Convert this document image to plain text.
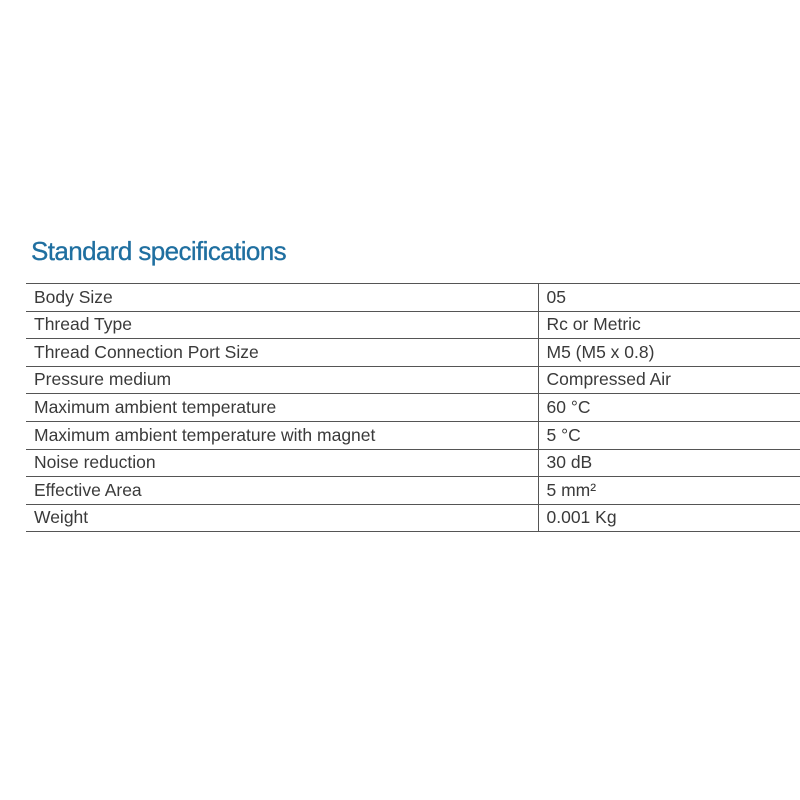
Standard specifications
Body Size	05
Thread Type	Rc or Metric
Thread Connection Port Size	M5 (M5 x 0.8)
Pressure medium	Compressed Air
Maximum ambient temperature	60 °C
Maximum ambient temperature with magnet	5 °C
Noise reduction	30 dB
Effective Area	5 mm²
Weight	0.001 Kg
